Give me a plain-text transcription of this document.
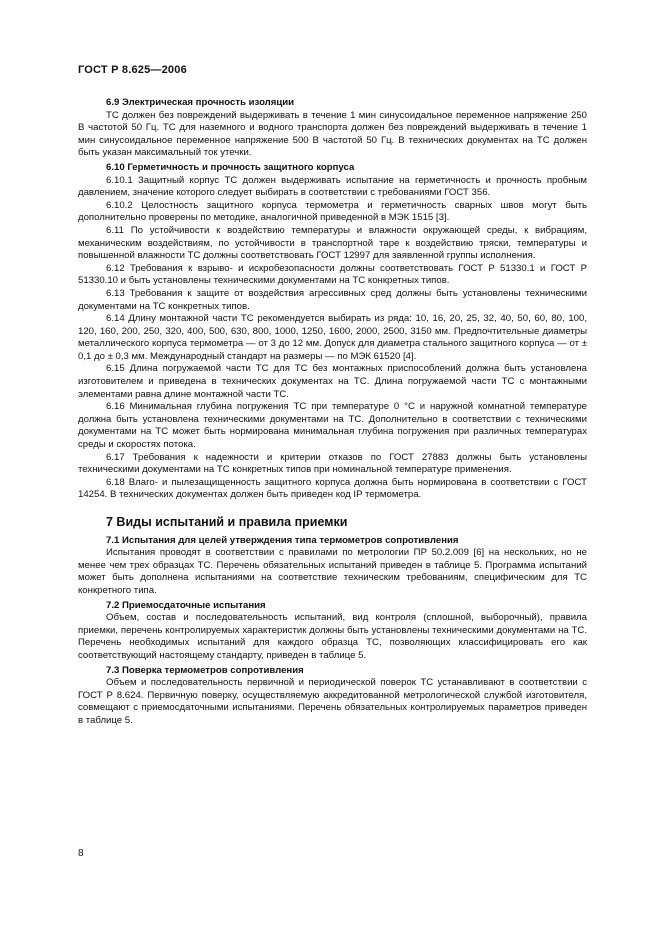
ГОСТ Р 8.625—2006
6.9 Электрическая прочность изоляции

ТС должен без повреждений выдерживать в течение 1 мин синусоидальное переменное напряжение 250 В частотой 50 Гц. ТС для наземного и водного транспорта должен без повреждений выдерживать в течение 1 мин синусоидальное переменное напряжение 500 В частотой 50 Гц. В технических документах на ТС должен быть указан максимальный ток утечки.

6.10 Герметичность и прочность защитного корпуса

6.10.1 Защитный корпус ТС должен выдерживать испытание на герметичность и прочность пробным давлением, значение которого следует выбирать в соответствии с требованиями ГОСТ 356.

6.10.2 Целостность защитного корпуса термометра и герметичность сварных швов могут быть дополнительно проверены по методике, аналогичной приведенной в МЭК 1515 [3].

6.11 По устойчивости к воздействию температуры и влажности окружающей среды, к вибрациям, механическим воздействиям, по устойчивости в транспортной таре к воздействию тряски, температуры и повышенной влажности ТС должны соответствовать ГОСТ 12997 для заявленной группы исполнения.

6.12 Требования к взрыво- и искробезопасности должны соответствовать ГОСТ Р 51330.1 и ГОСТ Р 51330.10 и быть установлены техническими документами на ТС конкретных типов.

6.13 Требования к защите от воздействия агрессивных сред должны быть установлены техническими документами на ТС конкретных типов.

6.14 Длину монтажной части ТС рекомендуется выбирать из ряда: 10, 16, 20, 25, 32, 40, 50, 60, 80, 100, 120, 160, 200, 250, 320, 400, 500, 630, 800, 1000, 1250, 1600, 2000, 2500, 3150 мм. Предпочтительные диаметры металлического корпуса термометра — от 3 до 12 мм. Допуск для диаметра стального защитного корпуса — от ± 0,1 до ± 0,3 мм. Международный стандарт на размеры — по МЭК 61520 [4].

6.15 Длина погружаемой части ТС для ТС без монтажных приспособлений должна быть установлена изготовителем и приведена в технических документах на ТС. Длина погружаемой части ТС с монтажными элементами равна длине монтажной части ТС.

6.16 Минимальная глубина погружения ТС при температуре 0 °С и наружной комнатной температуре должна быть установлена техническими документами на ТС. Дополнительно в соответствии с техническими документами на ТС может быть нормирована минимальная глубина погружения при различных температурах среды и скоростях потока.

6.17 Требования к надежности и критерии отказов по ГОСТ 27883 должны быть установлены техническими документами на ТС конкретных типов при номинальной температуре применения.

6.18 Влаго- и пылезащищенность защитного корпуса должна быть нормирована в соответствии с ГОСТ 14254. В технических документах должен быть приведен код IP термометра.

7 Виды испытаний и правила приемки
7.1 Испытания для целей утверждения типа термометров сопротивления

Испытания проводят в соответствии с правилами по метрологии ПР 50.2.009 [6] на нескольких, но не менее чем трех образцах ТС. Перечень обязательных испытаний приведен в таблице 5. Программа испытаний может быть дополнена испытаниями на соответствие техническим требованиям, специфическим для ТС конкретного типа.

7.2 Приемосдаточные испытания

Объем, состав и последовательность испытаний, вид контроля (сплошной, выборочный), правила приемки, перечень контролируемых характеристик должны быть установлены техническими документами на ТС. Перечень необходимых испытаний для каждого образца ТС, позволяющих классифицировать его как соответствующий настоящему стандарту, приведен в таблице 5.

7.3 Поверка термометров сопротивления

Объем и последовательность первичной и периодической поверок ТС устанавливают в соответствии с ГОСТ Р 8.624. Первичную поверку, осуществляемую аккредитованной метрологической службой изготовителя, совмещают с приемосдаточными испытаниями. Перечень обязательных контролируемых параметров приведен в таблице 5.

8
